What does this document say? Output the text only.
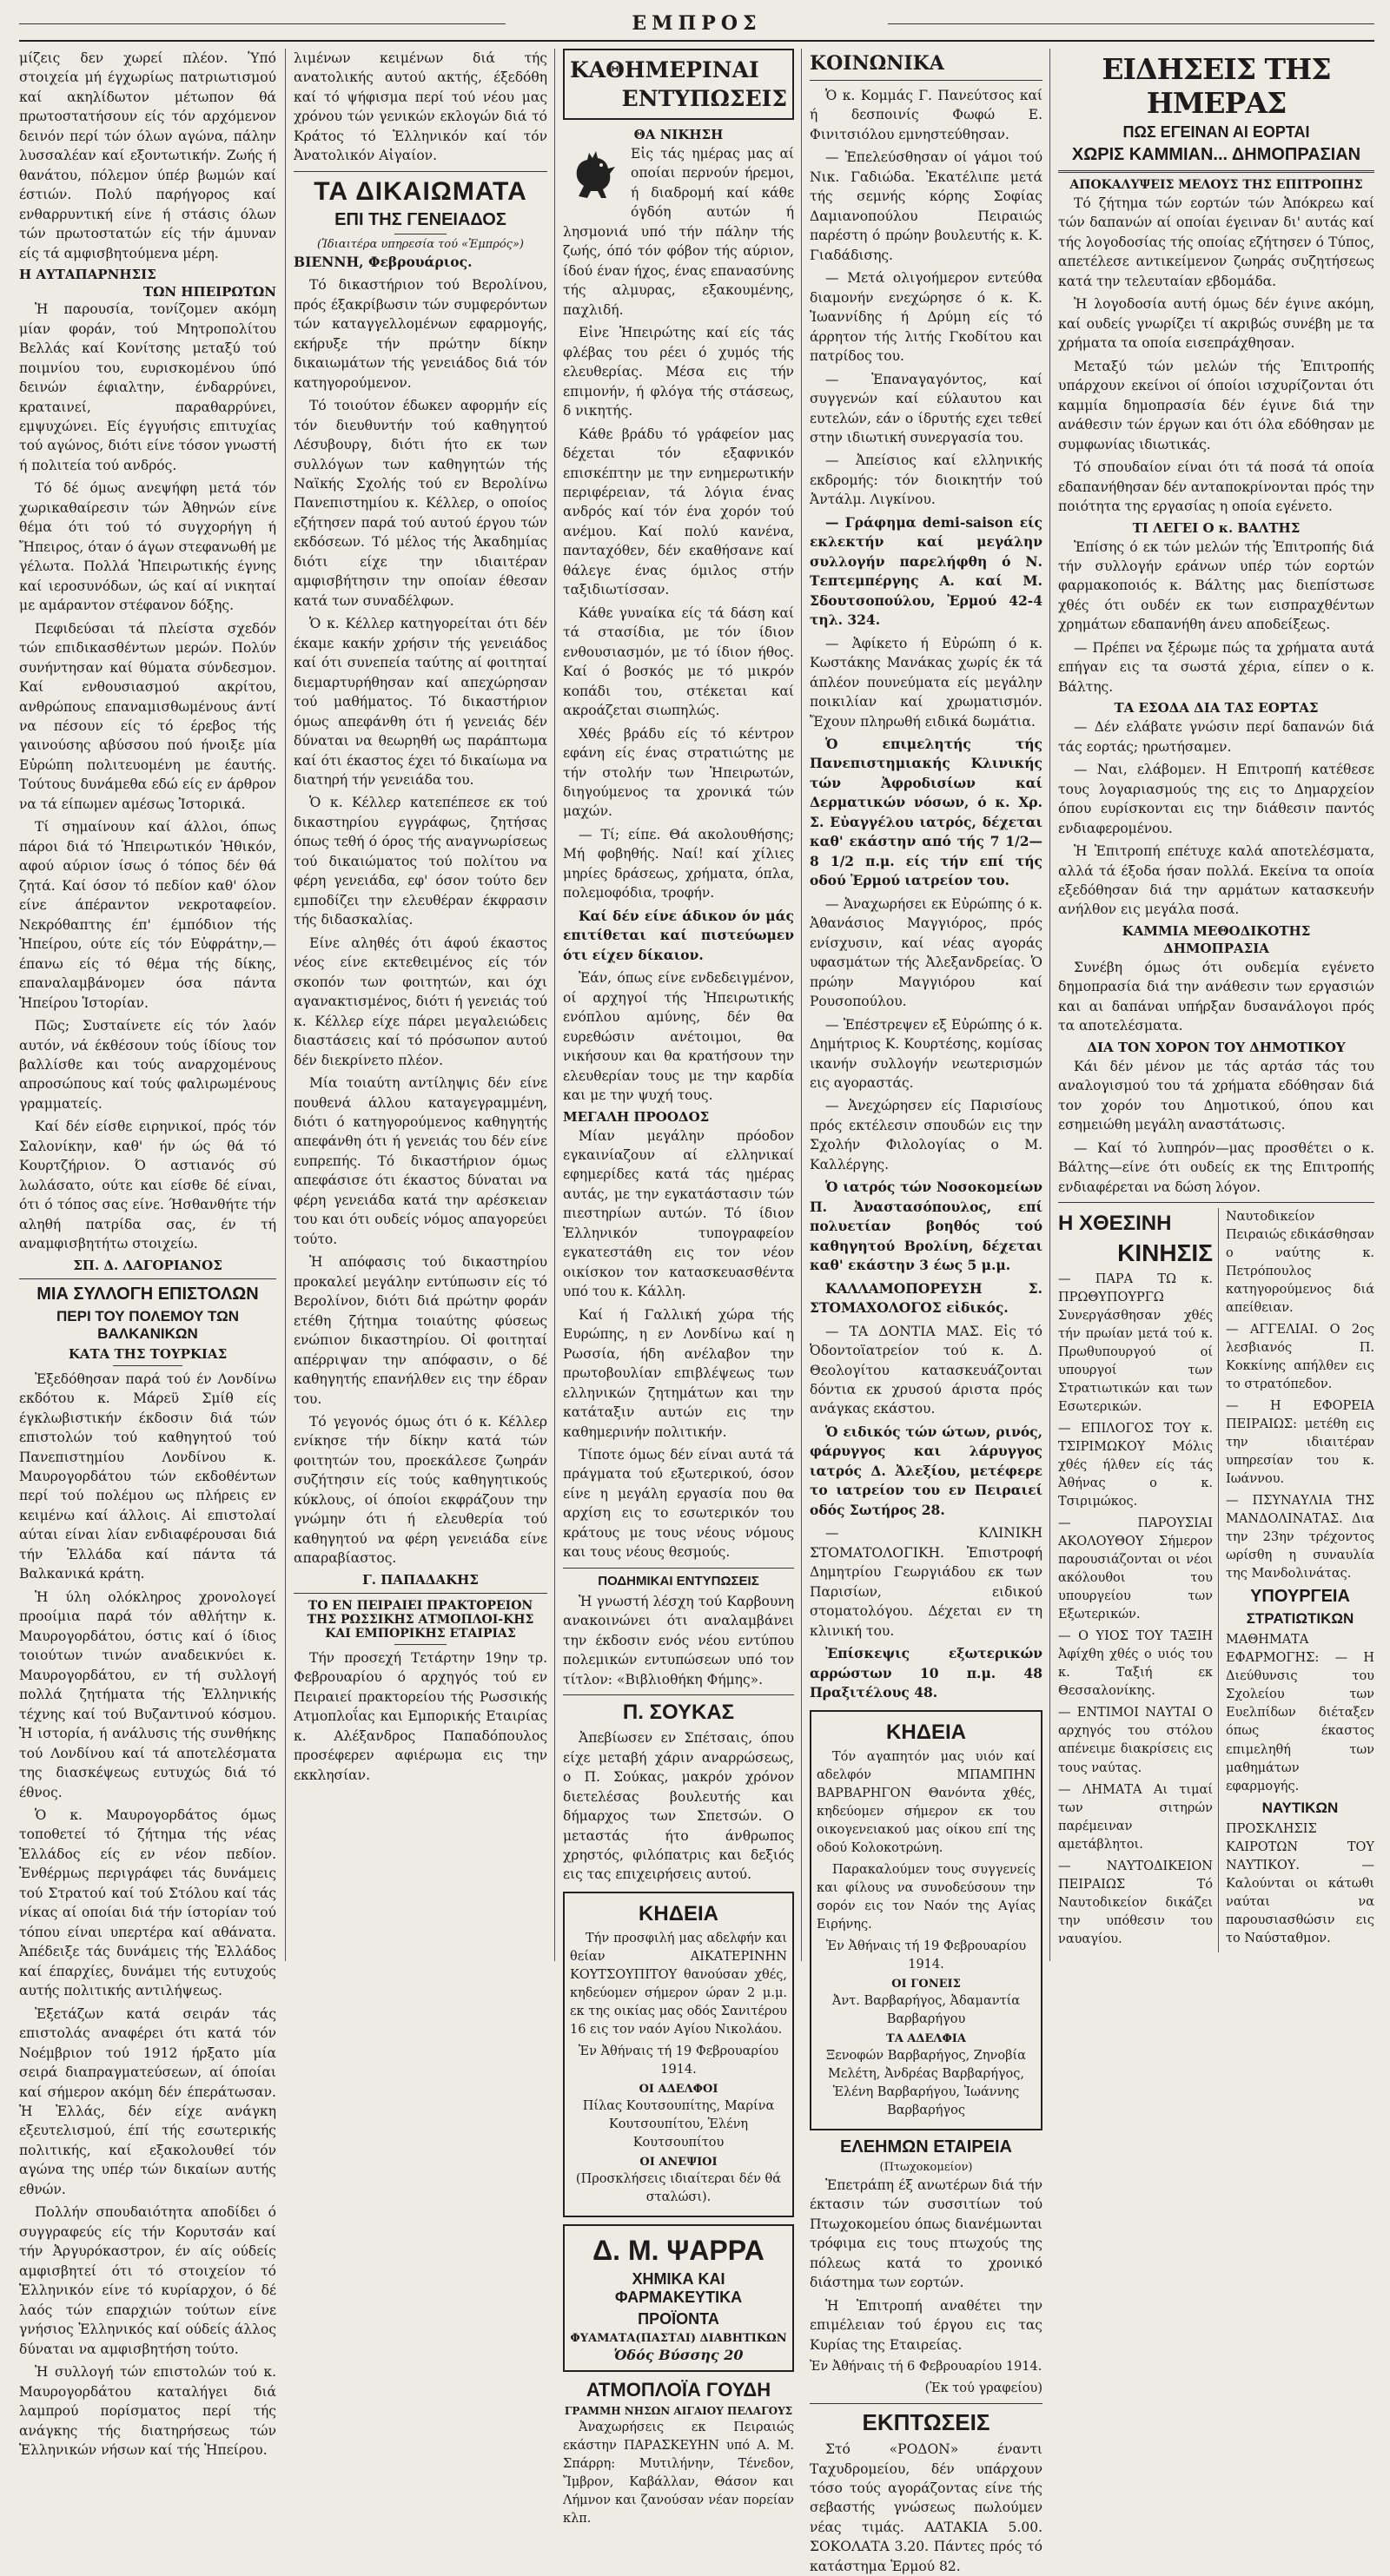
ΕΜΠΡΟΣ

μίζεις δεν χωρεί πλέον. Ὑπό στοιχεία μή έγχωρίως πατριωτισμού καί ακηλίδωτον μέτωπον θά πρωτοστατήσουν είς τόν αρχόμενον δεινόν περί τών όλων αγώνα, πάλην λυσσαλέαν καί εξοντωτικήν. Ζωής ή θανάτου, πόλεμον ύπέρ βωμών καί έστιών. Πολύ παρήγορος καί ενθαρρυντική είνε ή στάσις όλων τών πρωτοστατών είς τήν άμυναν είς τά αμφισβητούμενα μέρη.

Η ΑΥΤΑΠΑΡΝΗΣΙΣ
ΤΩΝ ΗΠΕΙΡΩΤΩΝ

Ἡ παρουσία, τονίζομεν ακόμη μίαν φοράν, τού Μητροπολίτου Βελλάς καί Κονίτσης μεταξύ τού ποιμνίου του, ευρισκομένου ύπό δεινών έφιαλτην, ένδαρρύνει, κραταινεί, παραθαρρύνει, εμψυχώνει. Είς έγγυήσις επιτυχίας τού αγώνος, διότι είνε τόσον γνωστή ή πολιτεία τού ανδρός.

Τό δέ όμως ανεψήφη μετά τόν χωρικαθαίρεσιν τών Ἀθηνών είνε θέμα ότι τού τό συγχορήγη ή Ἤπειρος, όταν ό άγων στεφανωθή με γέλωτα. Πολλά Ἡπειρωτικής έγνης καί ιεροσυνόδων, ώς καί αί νικηταί με αμάραντον στέφανον δόξης.

Πεφιδεύσαι τά πλείστα σχεδόν τών επιδικασθέντων μερών. Πολύν συνήντησαν καί θύματα σύνδεσμον. Καί ενθουσιασμού ακρίτου, ανθρώπους επαναμισθωμένους άντί να πέσουν είς τό έρεβος τής γαινούσης αβύσσου πού ήνοιξε μία Εὐρώπη πολιτευομένη με έαυτής. Τούτους δυνάμεθα εδώ είς εν άρθρον να τά είπωμεν αμέσως Ἰστορικά.

Τί σημαίνουν καί άλλοι, όπως πάροι διά τό Ἡπειρωτικόν Ἠθικόν, αφού αύριον ίσως ό τόπος δέν θά ζητά. Καί όσον τό πεδίον καθ' όλον είνε άπέραντον νεκροταφείον. Νεκρόθαπτης έπ' έμπόδιον τής Ἠπείρου, ούτε είς τόν Εὐφράτην,—έπανω είς τό θέμα τής δίκης, επαναλαμβάνομεν όσα πάντα Ἡπείρου Ἱστορίαν.

Πῶς; Συσταίνετε είς τόν λαόν αυτόν, νά έκθέσουν τούς ίδίους τον βαλλίσθε και τούς αναρχομένους απροσώπους καί τούς φαλιρωμένους γραμματείς.

Καί δέν είσθε ειρηνικοί, πρός τόν Σαλονίκην, καθ' ήν ώς θά τό Κουρτζήριον. Ό αστιανός σύ λωλάσατο, ούτε και είσθε δέ είναι, ότι ό τόπος σας είνε. Ήσθανθήτε τήν αληθή πατρίδα σας, έν τή αναμφισβητήτω στοιχείω.

ΣΠ. Δ. ΛΑΓΟΡΙΑΝΟΣ
ΜΙΑ ΣΥΛΛΟΓΗ ΕΠΙΣΤΟΛΩΝ
ΠΕΡΙ ΤΟΥ ΠΟΛΕΜΟΥ ΤΩΝ ΒΑΛΚΑΝΙΚΩΝ
ΚΑΤΑ ΤΗΣ ΤΟΥΡΚΙΑΣ

Ἐξεδόθησαν παρά τού έν Λονδίνω εκδότου κ. Μάρεϋ Σμίθ είς έγκλωβιστικήν έκδοσιν διά τών επιστολών τού καθηγητού τού Πανεπιστημίου Λονδίνου κ. Μαυρογορδάτου τών εκδοθέντων περί τού πολέμου ως πλήρεις εν κειμένω καί άλλοις. Αἱ επιστολαί αύται είναι λίαν ενδιαφέρουσαι διά τήν Ἑλλάδα καί πάντα τά Βαλκανικά κράτη.

Ἡ ύλη ολόκληρος χρονολογεί προοίμια παρά τόν αθλήτην κ. Μαυρογορδάτου, όστις καί ό ίδιος τοιούτων τινών αναδεικνύει κ. Μαυρογορδάτου, εν τή συλλογή πολλά ζητήματα τής Ἑλληνικής τέχνης καί τού Βυζαντινού κόσμου. Ἡ ιστορία, ή ανάλυσις τής συνθήκης τού Λονδίνου καί τά αποτελέσματα της διασκέψεως ευτυχώς διά τό έθνος.

Ὁ κ. Μαυρογορδάτος όμως τοποθετεί τό ζήτημα τής νέας Ἑλλάδος είς εν νέον πεδίον. Ἐνθέρμως περιγράφει τάς δυνάμεις τού Στρατού καί τού Στόλου καί τάς νίκας αί οποίαι διά τήν ίστορίαν τού τόπου είναι υπερτέρα καί αθάνατα. Ἀπέδειξε τάς δυνάμεις τής Ἑλλάδος καί έπαρχίες, δυνάμει τής ευτυχούς αυτής πολιτικής αντιλήψεως.

Ἐξετάζων κατά σειράν τάς επιστολάς αναφέρει ότι κατά τόν Νοέμβριον τού 1912 ήρξατο μία σειρά διαπραγματεύσεων, αί όποίαι καί σήμερον ακόμη δέν έπεράτωσαν. Ἡ Ἑλλάς, δέν είχε ανάγκη εξευτελισμού, έπί τής εσωτερικής πολιτικής, καί εξακολουθεί τόν αγώνα της υπέρ τών δικαίων αυτής εθνών.

Πολλήν σπουδαιότητα αποδίδει ό συγγραφεύς είς τήν Κορυτσάν καί τήν Ἀργυρόκαστρον, έν αίς ούδείς αμφισβητεί ότι τό στοιχείον τό Ἑλληνικόν είνε τό κυρίαρχον, ό δέ λαός τών επαρχιών τούτων είνε γνήσιος Ἑλληνικός καί ούδείς άλλος δύναται να αμφισβητήση τούτο.

Ἡ συλλογή τών επιστολών τού κ. Μαυρογορδάτου καταλήγει διά λαμπρού πορίσματος περί τής ανάγκης τής διατηρήσεως τών Ἑλληνικών νήσων καί τής Ἠπείρου.

λιμένων κειμένων διά τής ανατολικής αυτού ακτής, έξεδόθη καί τό ψήφισμα περί τού νέου μας χρόνου τών γενικών εκλογών διά τό Κράτος τό Ἑλληνικόν καί τόν Ἀνατολικόν Αἰγαίον.

ΤΑ ΔΙΚΑΙΩΜΑΤΑ
ΕΠΙ ΤΗΣ ΓΕΝΕΙΑΔΟΣ
(Ἰδιαιτέρα υπηρεσία τού «Ἐμπρός»)

ΒΙΕΝΝΗ, Φεβρουάριος.

Τό δικαστήριον τού Βερολίνου, πρός έξακρίβωσιν τών συμφερόντων τών καταγγελλομένων εφαρμογής, εκήρυξε τήν πρώτην δίκην δικαιωμάτων τής γενειάδος διά τόν κατηγορούμενον.

Τό τοιούτον έδωκεν αφορμήν είς τόν διευθυντήν τού καθηγητού Λέσυβουργ, διότι ήτο εκ των συλλόγων των καθηγητών τής Ναϊκής Σχολής τού εν Βερολίνω Πανεπιστημίου κ. Κέλλερ, ο οποίος εζήτησεν παρά τού αυτού έργου τών εκδόσεων. Τό μέλος τής Ἀκαδημίας διότι είχε την ιδιαιτέραν αμφισβήτησιν την οποίαν έθεσαν κατά των συναδέλφων.

Ὁ κ. Κέλλερ κατηγορείται ότι δέν έκαμε κακήν χρήσιν τής γενειάδος καί ότι συνεπεία ταύτης αί φοιτηταί διεμαρτυρήθησαν καί απεχώρησαν τού μαθήματος. Τό δικαστήριον όμως απεφάνθη ότι ή γενειάς δέν δύναται να θεωρηθή ως παράπτωμα καί ότι έκαστος έχει τό δικαίωμα να διατηρή τήν γενειάδα του.

Ὁ κ. Κέλλερ κατεπέπεσε εκ τού δικαστηρίου εγγράφως, ζητήσας όπως τεθή ό όρος τής αναγνωρίσεως τού δικαιώματος τού πολίτου να φέρη γενειάδα, εφ' όσον τούτο δεν εμποδίζει την ελευθέραν έκφρασιν τής διδασκαλίας.

Είνε αληθές ότι άφού έκαστος νέος είνε εκτεθειμένος είς τόν σκοπόν των φοιτητών, και όχι αγανακτισμένος, διότι ή γενειάς τού κ. Κέλλερ είχε πάρει μεγαλειώδεις διαστάσεις καί τό πρόσωπον αυτού δέν διεκρίνετο πλέον.

Μία τοιαύτη αντίληψις δέν είνε πουθενά άλλου καταγεγραμμένη, διότι ό κατηγορούμενος καθηγητής απεφάνθη ότι ή γενειάς του δέν είνε ευπρεπής. Τό δικαστήριον όμως απεφάσισε ότι έκαστος δύναται να φέρη γενειάδα κατά την αρέσκειαν του και ότι ουδείς νόμος απαγορεύει τούτο.

Ἡ απόφασις τού δικαστηρίου προκαλεί μεγάλην εντύπωσιν είς τό Βερολίνον, διότι διά πρώτην φοράν ετέθη ζήτημα τοιαύτης φύσεως ενώπιον δικαστηρίου. Οἱ φοιτηταί απέρριψαν την απόφασιν, ο δέ καθηγητής επανήλθεν εις την έδραν του.

Τό γεγονός όμως ότι ό κ. Κέλλερ ενίκησε τήν δίκην κατά τών φοιτητών του, προεκάλεσε ζωηράν συζήτησιν είς τούς καθηγητικούς κύκλους, οί όποίοι εκφράζουν την γνώμην ότι ή ελευθερία τού καθηγητού να φέρη γενειάδα είνε απαραβίαστος.

Γ. ΠΑΠΑΔΑΚΗΣ
ΤΟ ΕΝ ΠΕΙΡΑΙΕΙ ΠΡΑΚΤΟΡΕΙΟΝ ΤΗΣ ΡΩΣΣΙΚΗΣ ΑΤΜΟΠΛΟΙ-ΚΗΣ ΚΑΙ ΕΜΠΟΡΙΚΗΣ ΕΤΑΙΡΙΑΣ

Τήν προσεχή Τετάρτην 19ην τρ. Φεβρουαρίου ό αρχηγός τού εν Πειραιεί πρακτορείου τής Ρωσσικής Ατμοπλοΐας και Εμπορικής Εταιρίας κ. Αλέξανδρος Παπαδόπουλος προσέφερεν αφιέρωμα εις την εκκλησίαν.

ΚΑΘΗΜΕΡΙΝΑΙ
ΕΝΤΥΠΩΣΕΙΣ
ΘΑ ΝΙΚΗΣΗ

Εἰς τάς ημέρας μας αί οποίαι περνούν ήρεμοι, ή διαδρομή καί κάθε όγδόη αυτών ή λησμονιά υπό τήν πάλην τής ζωής, όπό τόν φόβον τής αύριον, ίδού έναν ήχος, ένας επανασύνης τής αλμυρας, εξακουμένης, παχλιδή.

Εἰνε Ἡπειρώτης καί είς τάς φλέβας του ρέει ό χυμός τής ελευθερίας. Μέσα εις τήν επιμονήν, ή φλόγα τής στάσεως, δ νικητής.

Κάθε βράδυ τό γράφείον μας δέχεται τόν εξαφνικόν επισκέπτην με την ενημερωτικήν περιφέρειαν, τά λόγια ένας ανδρός καί τόν ένα χορόν τού ανέμου. Καί πολύ κανένα, πανταχόθεν, δέν εκαθήσανε καί θάλεγε ένας όμιλος στήν ταξιδιωτίσσαν.

Κάθε γυναίκα είς τά δάση καί τά στασίδια, με τόν ίδιον ενθουσιασμόν, με τό ίδιον ήθος. Καί ό βοσκός με τό μικρόν κοπάδι του, στέκεται καί ακροάζεται σιωπηλώς.

Χθές βράδυ είς τό κέντρον εφάνη είς ένας στρατιώτης με τήν στολήν των Ἡπειρωτών, διηγούμενος τα χρονικά τών μαχών.

— Τί; είπε. Θά ακολουθήσης; Μή φοβηθής. Ναί! καί χίλιες μηρίες δράσεως, χρήματα, όπλα, πολεμοφόδια, τροφήν.

Καί δέν είνε άδικον όν μάς επιτίθεται καί πιστεύωμεν ότι είχεν δίκαιον.

Ἐάν, όπως είνε ενδεδειγμένον, οί αρχηγοί τής Ἠπειρωτικής ενόπλου αμύνης, δέν θα ευρεθώσιν ανέτοιμοι, θα νικήσουν και θα κρατήσουν την ελευθερίαν τους με την καρδία και με την ψυχή τους.

ΜΕΓΑΛΗ ΠΡΟΟΔΟΣ

Μίαν μεγάλην πρόοδον εγκαινίαζουν αί ελληνικαί εφημερίδες κατά τάς ημέρας αυτάς, με την εγκατάστασιν τών πιεστηρίων αυτών. Τό ίδιον Ἑλληνικόν τυπογραφείον εγκατεστάθη εις τον νέον οικίσκον τον κατασκευασθέντα υπό του κ. Κάλλη.

Καί ή Γαλλική χώρα τής Ευρώπης, η εν Λονδίνω καί η Ρωσσία, ήδη ανέλαβον την πρωτοβουλίαν επιβλέψεως των ελληνικών ζητημάτων και την κατάταξιν αυτών εις την καθημερινήν πολιτικήν.

Τίποτε όμως δέν είναι αυτά τά πράγματα τού εξωτερικού, όσον είνε η μεγάλη εργασία που θα αρχίση εις το εσωτερικόν του κράτους με τους νέους νόμους και τους νέους θεσμούς.

ΠΟΔΗΜΙΚΑΙ ΕΝΤΥΠΩΣΕΙΣ

Ἡ γνωστή λέσχη τού Καρβουνη ανακοινώνει ότι αναλαμβάνει την έκδοσιν ενός νέου εντύπου πολεμικών εντυπώσεων υπό τον τίτλον: «Βιβλιοθήκη Φήμης».

Π. ΣΟΥΚΑΣ

Ἀπεβίωσεν εν Σπέτσαις, όπου είχε μεταβή χάριν αναρρώσεως, ο Π. Σούκας, μακρόν χρόνον διετελέσας βουλευτής και δήμαρχος των Σπετσών. Ο μεταστάς ήτο άνθρωπος χρηστός, φιλόπατρις και δεξιός εις τας επιχειρήσεις αυτού.

ΚΗΔΕΙΑ

Τήν προσφιλή μας αδελφήν και θείαν ΑΙΚΑΤΕΡΙΝΗΝ ΚΟΥΤΣΟΥΠΙΤΟΥ θανούσαν χθές, κηδεύομεν σήμερον ώραν 2 μ.μ. εκ της οικίας μας οδός Σανιτέρου 16 εις τον ναόν Αγίου Νικολάου.

Ἐν Ἀθήναις τή 19 Φεβρουαρίου 1914.

ΟΙ ΑΔΕΛΦΟΙ

Πίλας Κουτσουπίτης, Μαρίνα Κουτσουπίτου, Ἑλένη Κουτσουπίτου

ΟΙ ΑΝΕΨΙΟΙ

(Προσκλήσεις ιδιαίτεραι δέν θά σταλώσι).

Δ. Μ. ΨΑΡΡΑ
ΧΗΜΙΚΑ ΚΑΙ ΦΑΡΜΑΚΕΥΤΙΚΑ
ΠΡΟΪΟΝΤΑ
ΦΥΑΜΑΤΑ(ΠΑΣΤΑΙ) ΔΙΑΒΗΤΙΚΩΝ
Ὁδός Βύσσης 20
ΑΤΜΟΠΛΟΪΑ ΓΟΥΔΗ
ΓΡΑΜΜΗ ΝΗΣΩΝ ΑΙΓΑΙΟΥ ΠΕΛΑΓΟΥΣ

Ἀναχωρήσεις εκ Πειραιώς εκάστην ΠΑΡΑΣΚΕΥΗΝ υπό Α. Μ. Σπάρρη: Μυτιλήνην, Τένεδον, Ἴμβρον, Καβάλλαν, Θάσον και Λήμνον και ζανούσαν νέαν πορείαν κλπ.

ΚΟΙΝΩΝΙΚΑ

Ὁ κ. Κομμάς Γ. Πανεύτσος καί ή δεσποινίς Φωφώ Ε. Φινιτσιόλου εμνηστεύθησαν.

— Ἐπελεύσθησαν οί γάμοι τού Νικ. Γαδιώδα. Ἐκατέλιπε μετά τής σεμνής κόρης Σοφίας Δαμιανοπούλου Πειραιώς παρέστη ό πρώην βουλευτής κ. Κ. Γιαδάδισης.

— Μετά ολιγοήμερον εντεύθα διαμονήν ενεχώρησε ό κ. Κ. Ἰωαννίδης ή Δρύμη είς τό άρρητον τής λιτής Γκοδίτου και πατρίδος του.

— Ἐπαναγαγόντος, καί συγγενών καί εύλαυτου και ευτελών, εάν ο ίδρυτής εχει τεθεί στην ιδιωτική συνεργασία του.

— Ἀπείσιος καί ελληνικής εκδρομής: τόν διοικητήν τού Ἀντάλμ. Λιγκίνου.

— Γράφημα demi-saison είς εκλεκτήν καί μεγάλην συλλογήν παρελήφθη ό Ν. Τεπτεμπέργης Α. καί Μ. Σδουτσοπούλου, Ἐρμού 42-4 τηλ. 324.

— Ἀφίκετο ή Εὐρώπη ό κ. Κωστάκης Μανάκας χωρίς έκ τά άπλέον πουνεύματα είς μεγάλην ποικιλίαν καί χρωματισμόν. Ἔχουν πληρωθή ειδικά δωμάτια.

Ὁ επιμελητής τής Πανεπιστημιακής Κλινικής τών Ἀφροδισίων καί Δερματικών νόσων, ό κ. Χρ. Σ. Εὐαγγέλου ιατρός, δέχεται καθ' εκάστην από τής 7 1/2—8 1/2 π.μ. είς τήν επί τής οδού Ἑρμού ιατρείον του.

— Ἀναχωρήσει εκ Εὐρώπης ό κ. Ἀθανάσιος Μαγγιόρος, πρός ενίσχυσιν, καί νέας αγοράς υφασμάτων τής Ἀλεξανδρείας. Ὁ πρώην Μαγγιόρου καί Ρουσοπούλου.

— Ἐπέστρεψεν εξ Εὐρώπης ό κ. Δημήτριος Κ. Κουρτέσης, κομίσας ικανήν συλλογήν νεωτερισμών εις αγοραστάς.

— Ἀνεχώρησεν είς Παρισίους πρός εκτέλεσιν σπουδών εις την Σχολήν Φιλολογίας ο Μ. Καλλέργης.

Ὁ ιατρός τών Νοσοκομείων Π. Ἀναστασόπουλος, επί πολυετίαν βοηθός τού καθηγητού Βρολίνη, δέχεται καθ' εκάστην 3 έως 5 μ.μ.

ΚΑΛΛΑΜΟΠΟΡΕΥΣΗ Σ. ΣΤΟΜΑΧΟΛΟΓΟΣ εἰδικός.

— ΤΑ ΔΟΝΤΙΑ ΜΑΣ. Εἰς τό Ὀδοντοϊατρείον τού κ. Δ. Θεολογίτου κατασκευάζονται δόντια εκ χρυσού άριστα πρός ανάγκας εκάστου.

Ὁ ειδικός τών ώτων, ρινός, φάρυγγος και λάρυγγος ιατρός Δ. Ἀλεξίου, μετέφερε το ιατρείον του εν Πειραιεί οδός Σωτήρος 28.

— ΚΛΙΝΙΚΗ ΣΤΟΜΑΤΟΛΟΓΙΚΗ. Ἐπιστροφή Δημητρίου Γεωργιάδου εκ των Παρισίων, ειδικού στοματολόγου. Δέχεται εν τη κλινική του.

Ἐπίσκεψις εξωτερικών αρρώστων 10 π.μ. 48 Πραξιτέλους 48.

ΚΗΔΕΙΑ

Τόν αγαπητόν μας υιόν καί αδελφόν ΜΠΑΜΠΗΝ ΒΑΡΒΑΡΗΓΟΝ Θανόντα χθές, κηδεύομεν σήμερον εκ του οικογενειακού μας οίκου επί της οδού Κολοκοτρώνη.

Παρακαλούμεν τους συγγενείς και φίλους να συνοδεύσουν την σορόν εις τον Ναόν της Αγίας Ειρήνης.

Ἐν Ἀθήναις τή 19 Φεβρουαρίου 1914.

ΟΙ ΓΟΝΕΙΣ

Ἀντ. Βαρβαρήγος, Ἀδαμαντία Βαρβαρήγου

ΤΑ ΑΔΕΛΦΙΑ

Ξενοφών Βαρβαρήγος, Ζηνοβία Μελέτη, Ἀνδρέας Βαρβαρήγος, Ἑλένη Βαρβαρήγου, Ἰωάννης Βαρβαρήγος

ΕΛΕΗΜΩΝ ΕΤΑΙΡΕΙΑ
(Πτωχοκομείον)

Ἐπετράπη έξ ανωτέρων διά τήν έκτασιν τών συσσιτίων τού Πτωχοκομείου όπως διανέμωνται τρόφιμα εις τους πτωχούς της πόλεως κατά το χρονικό διάστημα των εορτών.

Ἡ Ἐπιτροπή αναθέτει την επιμέλειαν τού έργου εις τας Κυρίας της Εταιρείας.

Ἐν Ἀθήναις τή 6 Φεβρουαρίου 1914.

(Ἐκ τού γραφείου)

ΕΚΠΤΩΣΕΙΣ

Στό «ΡΟΔΟΝ» έναντι Ταχυδρομείου, δέν υπάρχουν τόσο τούς αγοράζοντας είνε τής σεβαστής γνώσεως πωλούμεν νέας τιμάς. ΑΑΤΑΚΙΑ 5.00. ΣΟΚΟΛΑΤΑ 3.20. Πάντες πρός τό κατάστημα Ἑρμού 82.

ΕΙΔΗΣΕΙΣ ΤΗΣ ΗΜΕΡΑΣ
ΠΩΣ ΕΓΕΙΝΑΝ ΑΙ ΕΟΡΤΑΙ
ΧΩΡΙΣ ΚΑΜΜΙΑΝ... ΔΗΜΟΠΡΑΣΙΑΝ
ΑΠΟΚΑΛΥΨΕΙΣ ΜΕΛΟΥΣ ΤΗΣ ΕΠΙΤΡΟΠΗΣ

Τό ζήτημα τών εορτών τών Ἀπόκρεω καί τών δαπανών αί οποίαι έγειναν δι' αυτάς καί τής λογοδοσίας τής οποίας εζήτησεν ό Τύπος, απετέλεσε αντικείμενον ζωηράς συζητήσεως κατά την τελευταίαν εβδομάδα.

Ἡ λογοδοσία αυτή όμως δέν έγινε ακόμη, καί ουδείς γνωρίζει τί ακριβώς συνέβη με τα χρήματα τα οποία εισεπράχθησαν.

Μεταξύ τών μελών τής Ἐπιτροπής υπάρχουν εκείνοι οί όποίοι ισχυρίζονται ότι καμμία δημοπρασία δέν έγινε διά την ανάθεσιν τών έργων και ότι όλα εδόθησαν με συμφωνίας ιδιωτικάς.

Τό σπουδαίον είναι ότι τά ποσά τά οποία εδαπανήθησαν δέν ανταποκρίνονται πρός την ποιότητα της εργασίας η οποία εγένετο.

ΤΙ ΛΕΓΕΙ Ο κ. ΒΑΛΤΗΣ

Ἐπίσης ό εκ τών μελών τής Ἐπιτροπής διά τήν συλλογήν εράνων υπέρ τών εορτών φαρμακοποιός κ. Βάλτης μας διεπίστωσε χθές ότι ουδέν εκ των εισπραχθέντων χρημάτων εδαπανήθη άνευ αποδείξεως.

— Πρέπει να ξέρωμε πώς τα χρήματα αυτά επήγαν εις τα σωστά χέρια, είπεν ο κ. Βάλτης.

ΤΑ ΕΣΟΔΑ ΔΙΑ ΤΑΣ ΕΟΡΤΑΣ

— Δέν ελάβατε γνώσιν περί δαπανών διά τάς εορτάς; ηρωτήσαμεν.

— Ναι, ελάβομεν. Η Επιτροπή κατέθεσε τους λογαριασμούς της εις το Δημαρχείον όπου ευρίσκονται εις την διάθεσιν παντός ενδιαφερομένου.

Ἡ Ἐπιτροπή επέτυχε καλά αποτελέσματα, αλλά τά έξοδα ήσαν πολλά. Εκείνα τα οποία εξεδόθησαν διά την αρμάτων κατασκευήν ανήλθον εις μεγάλα ποσά.

ΚΑΜΜΙΑ ΜΕΘΟΔΙΚΟΤΗΣ
ΔΗΜΟΠΡΑΣΙΑ

Συνέβη όμως ότι ουδεμία εγένετο δημοπρασία διά την ανάθεσιν των εργασιών και αι δαπάναι υπήρξαν δυσανάλογοι πρός τα αποτελέσματα.

ΔΙΑ ΤΟΝ ΧΟΡΟΝ ΤΟΥ ΔΗΜΟΤΙΚΟΥ

Κάι δέν μένον με τάς αρτάσ τάς του αναλογισμού του τά χρήματα εδόθησαν διά τον χορόν του Δημοτικού, όπου και εσημειώθη μεγάλη αναστάτωσις.

— Καί τό λυπηρόν—μας προσθέτει ο κ. Βάλτης—είνε ότι ουδείς εκ της Επιτροπής ενδιαφέρεται να δώση λόγον.

Η ΧΘΕΣΙΝΗ
ΚΙΝΗΣΙΣ

— ΠΑΡΑ ΤΩ κ. ΠΡΩΘΥΠΟΥΡΓΩ Συνεργάσθησαν χθές τήν πρωίαν μετά τού κ. Πρωθυπουργού οί υπουργοί των Στρατιωτικών και των Εσωτερικών.

— ΕΠΙΛΟΓΟΣ ΤΟΥ κ. ΤΣΙΡΙΜΩΚΟΥ Μόλις χθές ήλθεν είς τάς Ἀθήνας ο κ. Τσιριμώκος.

— ΠΑΡΟΥΣΙΑΙ ΑΚΟΛΟΥΘΟΥ Σήμερον παρουσιάζονται οι νέοι ακόλουθοι του υπουργείου των Εξωτερικών.

— Ο ΥΙΟΣ ΤΟΥ ΤΑΞΙΗ Ἀφίχθη χθές ο υιός του κ. Ταξιή εκ Θεσσαλονίκης.

— ΕΝΤΙΜΟΙ ΝΑΥΤΑΙ Ο αρχηγός του στόλου απένειμε διακρίσεις εις τους ναύτας.

— ΛΗΜΑΤΑ Αι τιμαί των σιτηρών παρέμειναν αμετάβλητοι.

— ΝΑΥΤΟΔΙΚΕΙΟΝ ΠΕΙΡΑΙΩΣ Τό Ναυτοδικείον δικάζει την υπόθεσιν του ναυαγίου.

Ναυτοδικείον Πειραιώς εδικάσθησαν ο ναύτης κ. Πετρόπουλος κατηγορούμενος διά απείθειαν.

— ΑΓΓΕΛΙΑΙ. Ο 2ος λεσβιανός Π. Κοκκίνης απήλθεν εις το στρατόπεδον.

— Η ΕΦΟΡΕΙΑ ΠΕΙΡΑΙΩΣ: μετέθη εις την ιδιαιτέραν υπηρεσίαν του κ. Ιωάννου.

— ΠΣΥΝΑΥΛΙΑ ΤΗΣ ΜΑΝΔΟΛΙΝΑΤΑΣ. Δια την 23ην τρέχοντος ωρίσθη η συναυλία της Μανδολινάτας.

ΥΠΟΥΡΓΕΙΑ
ΣΤΡΑΤΙΩΤΙΚΩΝ

ΜΑΘΗΜΑΤΑ ΕΦΑΡΜΟΓΗΣ: — Η Διεύθυνσις του Σχολείου των Ευελπίδων διέταξεν όπως έκαστος επιμεληθή των μαθημάτων εφαρμογής.

ΝΑΥΤΙΚΩΝ

ΠΡΟΣΚΛΗΣΙΣ ΚΑΙΡΟΤΩΝ ΤΟΥ ΝΑΥΤΙΚΟΥ. — Καλούνται οι κάτωθι ναύται να παρουσιασθώσιν εις το Ναύσταθμον.
